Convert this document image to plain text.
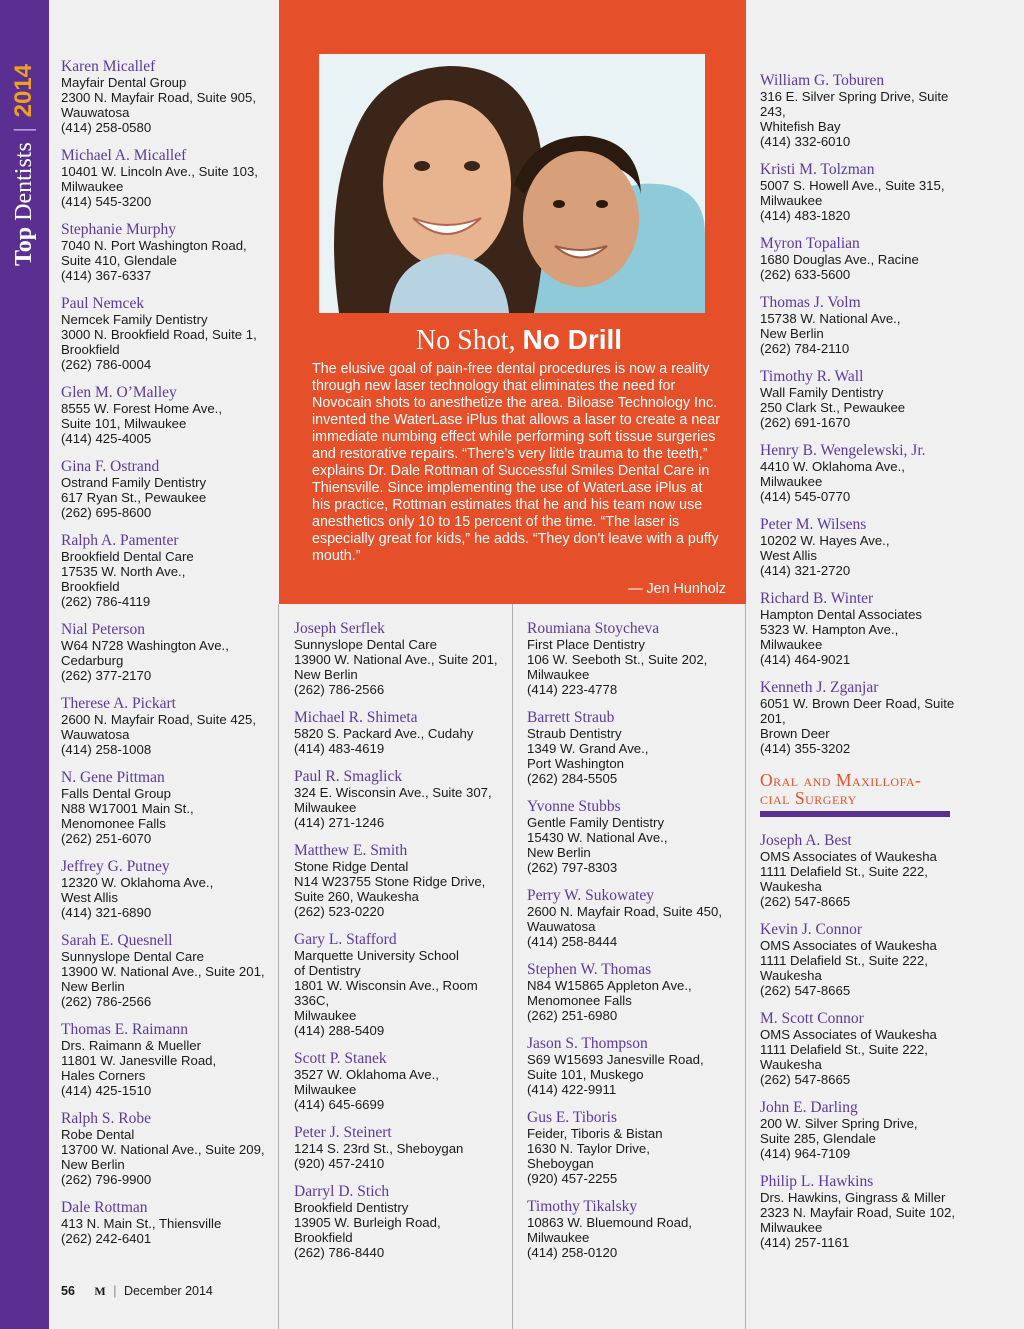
Top Dentists | 2014 Karen Micallef
Mayfair Dental Group
2300 N. Mayfair Road, Suite 905,
Wauwatosa
(414) 258-0580
Michael A. Micallef
10401 W. Lincoln Ave., Suite 103,
Milwaukee
(414) 545-3200
Stephanie Murphy
7040 N. Port Washington Road,
Suite 410, Glendale
(414) 367-6337
Paul Nemcek
Nemcek Family Dentistry
3000 N. Brookfield Road, Suite 1,
Brookfield
(262) 786-0004
Glen M. O’Malley
8555 W. Forest Home Ave.,
Suite 101, Milwaukee
(414) 425-4005
Gina F. Ostrand
Ostrand Family Dentistry
617 Ryan St., Pewaukee
(262) 695-8600
Ralph A. Pamenter
Brookfield Dental Care
17535 W. North Ave.,
Brookfield
(262) 786-4119
Nial Peterson
W64 N728 Washington Ave.,
Cedarburg
(262) 377-2170
Therese A. Pickart
2600 N. Mayfair Road, Suite 425,
Wauwatosa
(414) 258-1008
N. Gene Pittman
Falls Dental Group
N88 W17001 Main St.,
Menomonee Falls
(262) 251-6070
Jeffrey G. Putney
12320 W. Oklahoma Ave.,
West Allis
(414) 321-6890
Sarah E. Quesnell
Sunnyslope Dental Care
13900 W. National Ave., Suite 201,
New Berlin
(262) 786-2566
Thomas E. Raimann
Drs. Raimann & Mueller
11801 W. Janesville Road,
Hales Corners
(414) 425-1510
Ralph S. Robe
Robe Dental
13700 W. National Ave., Suite 209,
New Berlin
(262) 796-9900
Dale Rottman
413 N. Main St., Thiensville
(262) 242-6401
No Shot, No Drill
The elusive goal of pain-free dental procedures is now a reality through new laser technology that eliminates the need for Novocain shots to anesthetize the area. Biloase Technology Inc. invented the WaterLase iPlus that allows a laser to create a near immediate numbing effect while performing soft tissue surgeries and restorative repairs. “There’s very little trauma to the teeth,” explains Dr. Dale Rottman of Successful Smiles Dental Care in Thiensville. Since implementing the use of WaterLase iPlus at his practice, Rottman estimates that he and his team now use anesthetics only 10 to 15 percent of the time. “The laser is especially great for kids,” he adds. “They don’t leave with a puffy mouth.”
— Jen Hunholz
Joseph Serflek
Sunnyslope Dental Care
13900 W. National Ave., Suite 201,
New Berlin
(262) 786-2566
Michael R. Shimeta
5820 S. Packard Ave., Cudahy
(414) 483-4619
Paul R. Smaglick
324 E. Wisconsin Ave., Suite 307,
Milwaukee
(414) 271-1246
Matthew E. Smith
Stone Ridge Dental
N14 W23755 Stone Ridge Drive,
Suite 260, Waukesha
(262) 523-0220
Gary L. Stafford
Marquette University School
of Dentistry
1801 W. Wisconsin Ave., Room 336C,
Milwaukee
(414) 288-5409
Scott P. Stanek
3527 W. Oklahoma Ave.,
Milwaukee
(414) 645-6699
Peter J. Steinert
1214 S. 23rd St., Sheboygan
(920) 457-2410
Darryl D. Stich
Brookfield Dentistry
13905 W. Burleigh Road,
Brookfield
(262) 786-8440
Roumiana Stoycheva
First Place Dentistry
106 W. Seeboth St., Suite 202,
Milwaukee
(414) 223-4778
Barrett Straub
Straub Dentistry
1349 W. Grand Ave.,
Port Washington
(262) 284-5505
Yvonne Stubbs
Gentle Family Dentistry
15430 W. National Ave.,
New Berlin
(262) 797-8303
Perry W. Sukowatey
2600 N. Mayfair Road, Suite 450,
Wauwatosa
(414) 258-8444
Stephen W. Thomas
N84 W15865 Appleton Ave.,
Menomonee Falls
(262) 251-6980
Jason S. Thompson
S69 W15693 Janesville Road,
Suite 101, Muskego
(414) 422-9911
Gus E. Tiboris
Feider, Tiboris & Bistan
1630 N. Taylor Drive,
Sheboygan
(920) 457-2255
Timothy Tikalsky
10863 W. Bluemound Road,
Milwaukee
(414) 258-0120
William G. Toburen
316 E. Silver Spring Drive, Suite 243,
Whitefish Bay
(414) 332-6010
Kristi M. Tolzman
5007 S. Howell Ave., Suite 315,
Milwaukee
(414) 483-1820
Myron Topalian
1680 Douglas Ave., Racine
(262) 633-5600
Thomas J. Volm
15738 W. National Ave.,
New Berlin
(262) 784-2110
Timothy R. Wall
Wall Family Dentistry
250 Clark St., Pewaukee
(262) 691-1670
Henry B. Wengelewski, Jr.
4410 W. Oklahoma Ave.,
Milwaukee
(414) 545-0770
Peter M. Wilsens
10202 W. Hayes Ave.,
West Allis
(414) 321-2720
Richard B. Winter
Hampton Dental Associates
5323 W. Hampton Ave.,
Milwaukee
(414) 464-9021
Kenneth J. Zganjar
6051 W. Brown Deer Road, Suite 201,
Brown Deer
(414) 355-3202
Oral and Maxillofa-cial Surgery
Joseph A. Best
OMS Associates of Waukesha
1111 Delafield St., Suite 222,
Waukesha
(262) 547-8665
Kevin J. Connor
OMS Associates of Waukesha
1111 Delafield St., Suite 222,
Waukesha
(262) 547-8665
M. Scott Connor
OMS Associates of Waukesha
1111 Delafield St., Suite 222,
Waukesha
(262) 547-8665
John E. Darling
200 W. Silver Spring Drive,
Suite 285, Glendale
(414) 964-7109
Philip L. Hawkins
Drs. Hawkins, Gingrass & Miller
2323 N. Mayfair Road, Suite 102,
Milwaukee
(414) 257-1161
56 M | December 2014
